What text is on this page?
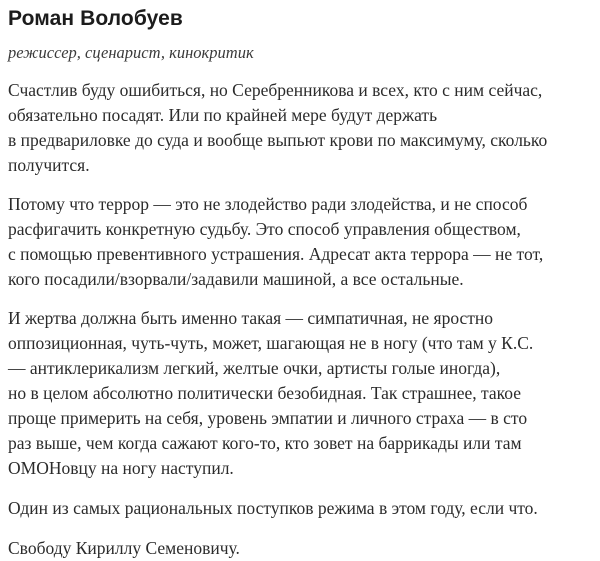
Роман Волобуев

режиссер, сценарист, кинокритик

Счастлив буду ошибиться, но Серебренникова и всех, кто с ним сейчас,
обязательно посадят. Или по крайней мере будут держать
в предвариловке до суда и вообще выпьют крови по максимуму, сколько
получится.

Потому что террор — это не злодейство ради злодейства, и не способ
расфигачить конкретную судьбу. Это способ управления обществом,
с помощью превентивного устрашения. Адресат акта террора — не тот,
кого посадили/взорвали/задавили машиной, а все остальные.

И жертва должна быть именно такая — симпатичная, не яростно
оппозиционная, чуть-чуть, может, шагающая не в ногу (что там у К.С.
— антиклерикализм легкий, желтые очки, артисты голые иногда),
но в целом абсолютно политически безобидная. Так страшнее, такое
проще примерить на себя, уровень эмпатии и личного страха — в сто
раз выше, чем когда сажают кого-то, кто зовет на баррикады или там
ОМОНовцу на ногу наступил.

Один из самых рациональных поступков режима в этом году, если что.

Свободу Кириллу Семеновичу.
